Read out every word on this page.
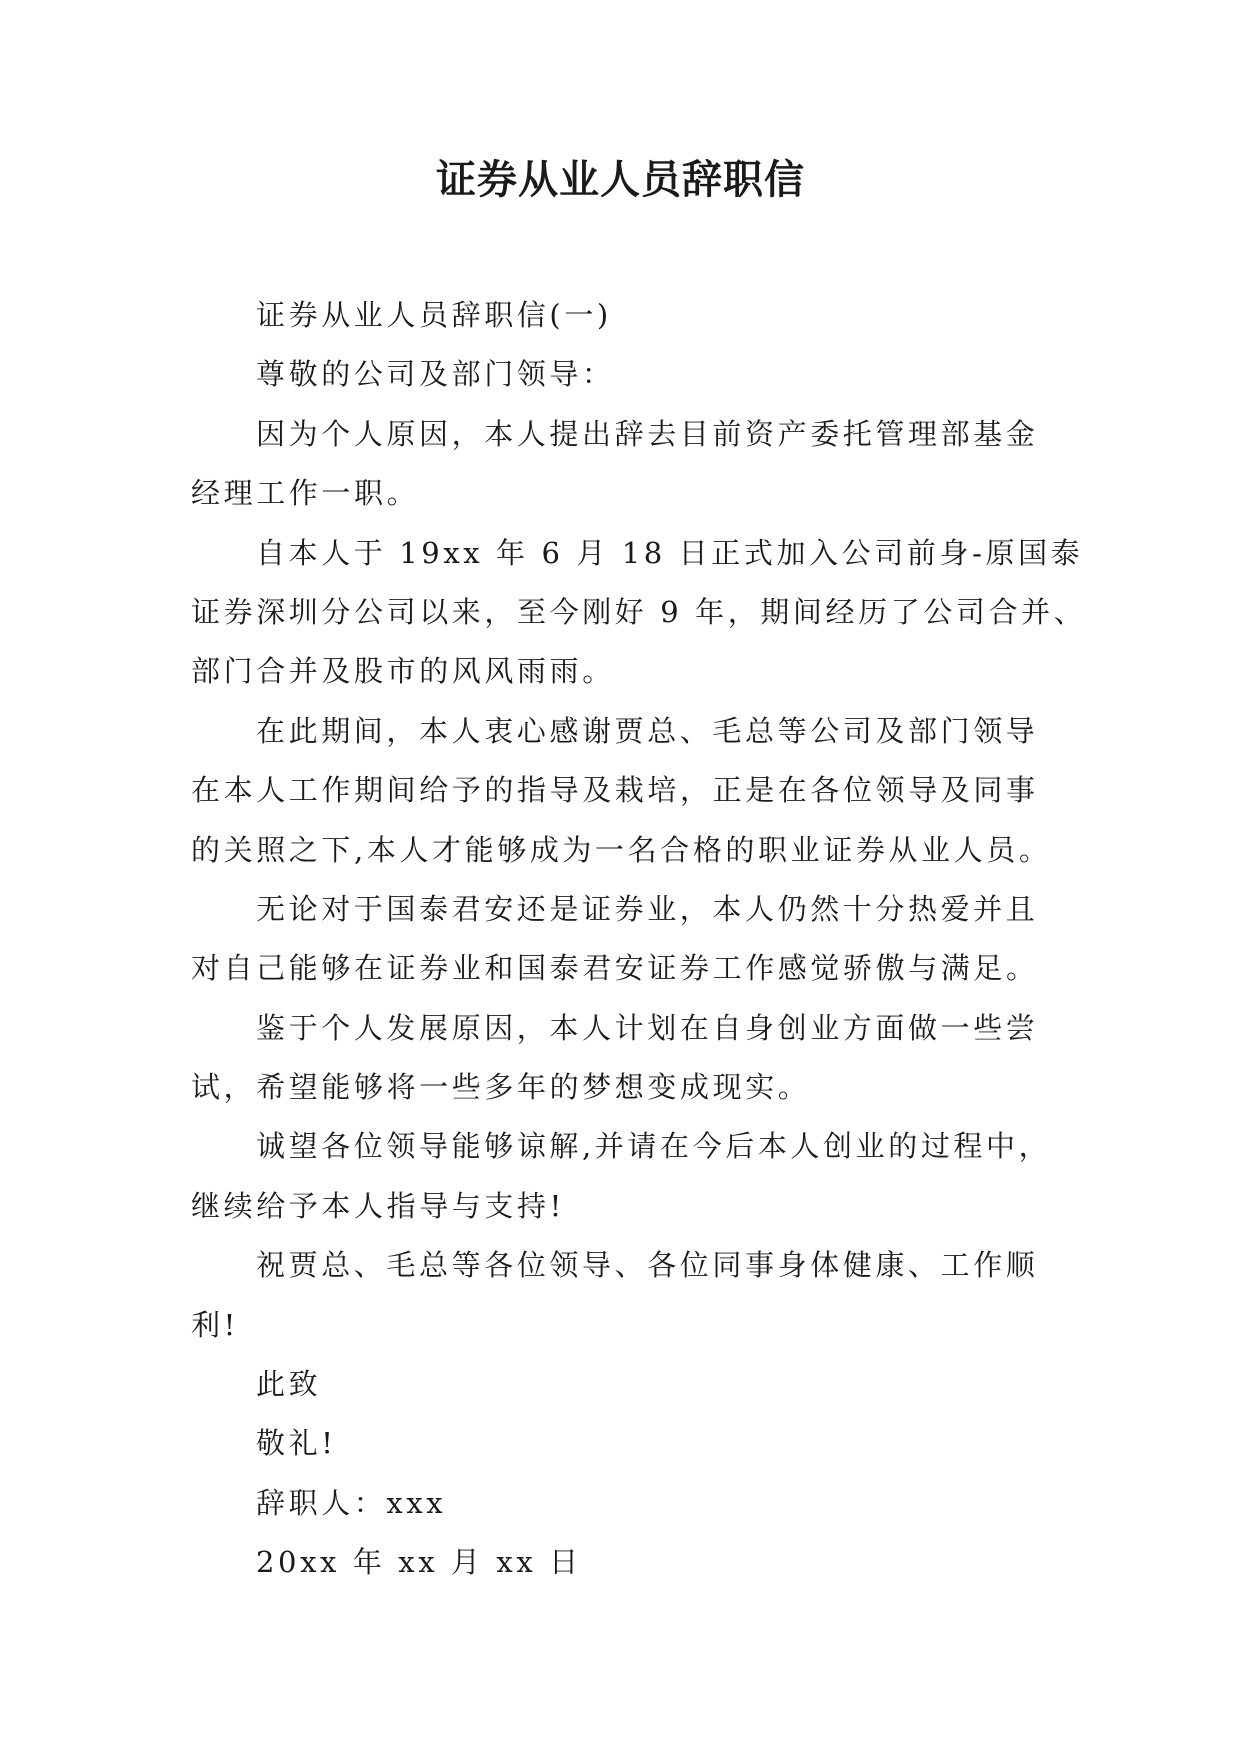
证券从业人员辞职信
证券从业人员辞职信(一)
尊敬的公司及部门领导：
因为个人原因，本人提出辞去目前资产委托管理部基金
经理工作一职。
自本人于 19xx 年 6 月 18 日正式加入公司前身-原国泰
证券深圳分公司以来，至今刚好 9 年，期间经历了公司合并、
部门合并及股市的风风雨雨。
在此期间，本人衷心感谢贾总、毛总等公司及部门领导
在本人工作期间给予的指导及栽培，正是在各位领导及同事
的关照之下,本人才能够成为一名合格的职业证券从业人员。
无论对于国泰君安还是证券业，本人仍然十分热爱并且
对自己能够在证券业和国泰君安证券工作感觉骄傲与满足。
鉴于个人发展原因，本人计划在自身创业方面做一些尝
试，希望能够将一些多年的梦想变成现实。
诚望各位领导能够谅解,并请在今后本人创业的过程中，
继续给予本人指导与支持!
祝贾总、毛总等各位领导、各位同事身体健康、工作顺
利!
此致
敬礼!
辞职人：xxx
20xx 年 xx 月 xx 日
